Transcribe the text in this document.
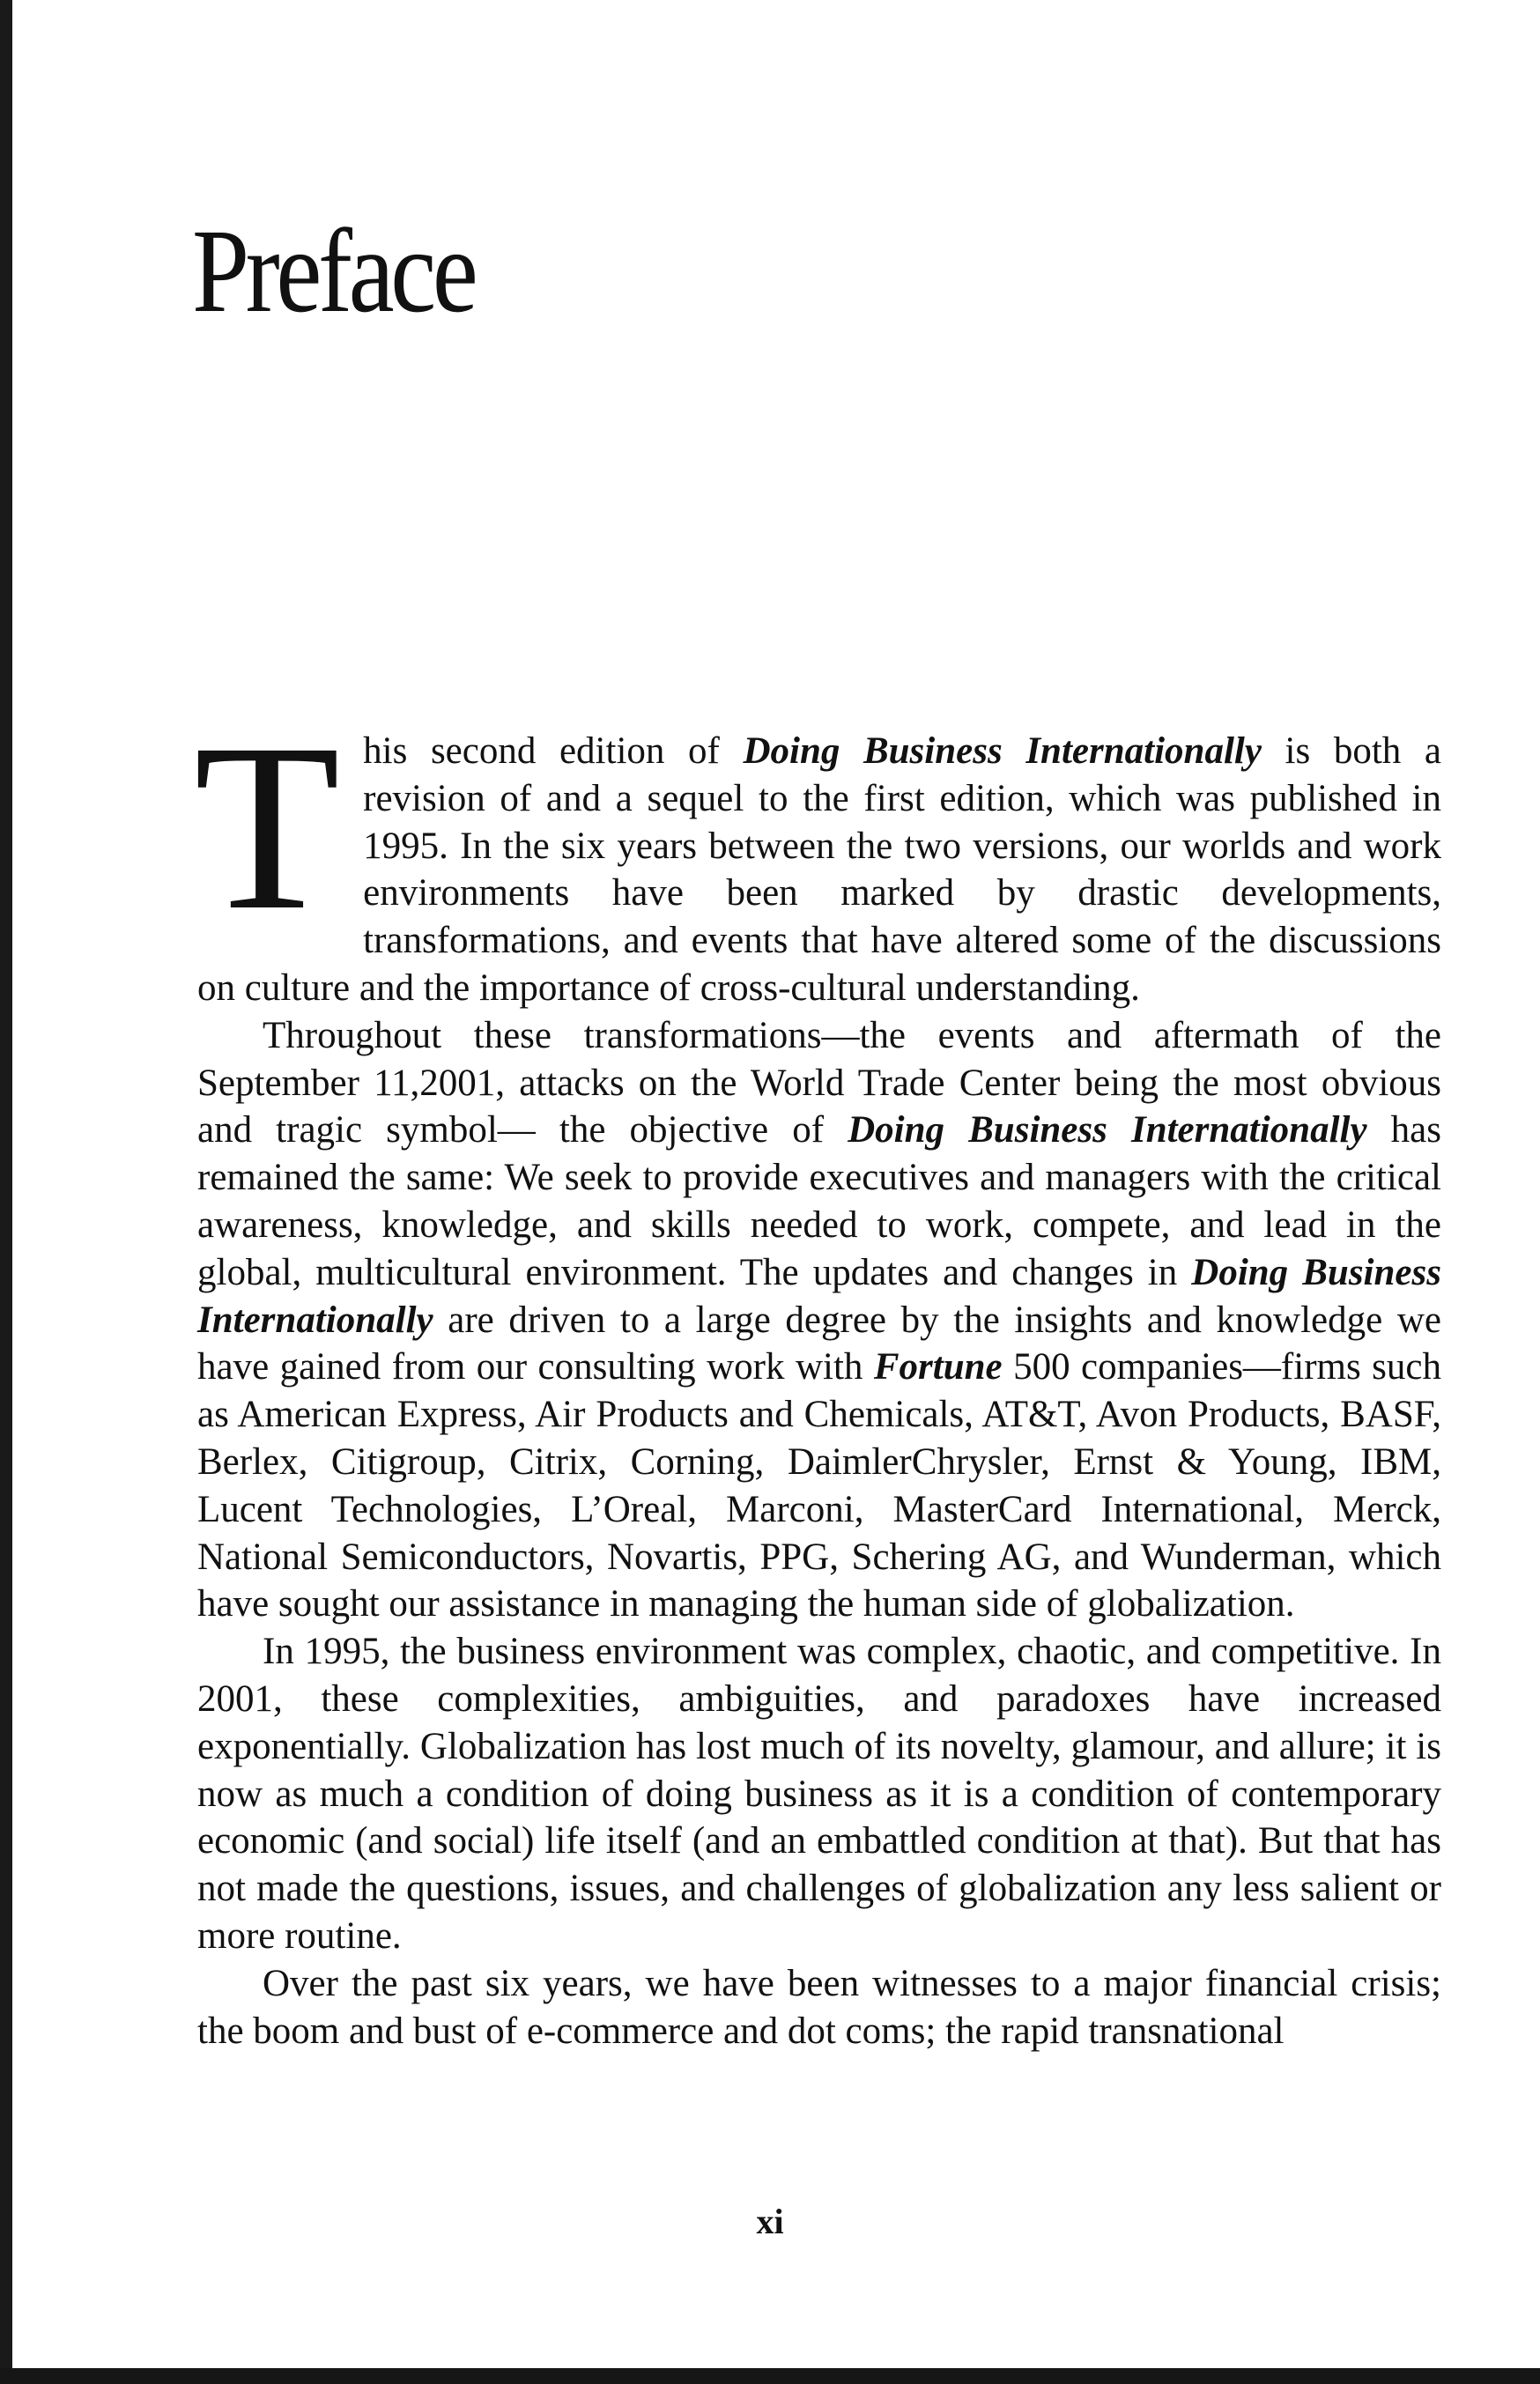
Preface

This second edition of Doing Business Internationally is both a revision of and a sequel to the first edition, which was published in 1995. In the six years between the two versions, our worlds and work environments have been marked by drastic developments, transformations, and events that have altered some of the discussions on culture and the importance of cross-cultural understanding.

Throughout these transformations—the events and aftermath of the September 11,2001, attacks on the World Trade Center being the most obvious and tragic symbol— the objective of Doing Business Internationally has remained the same: We seek to provide executives and managers with the critical awareness, knowledge, and skills needed to work, compete, and lead in the global, multicultural environment. The updates and changes in Doing Business Internationally are driven to a large degree by the insights and knowledge we have gained from our consulting work with Fortune 500 companies—firms such as American Express, Air Products and Chemicals, AT&T, Avon Products, BASF, Berlex, Citigroup, Citrix, Corning, DaimlerChrysler, Ernst & Young, IBM, Lucent Technologies, L’Oreal, Marconi, MasterCard International, Merck, National Semiconductors, Novartis, PPG, Schering AG, and Wunderman, which have sought our assistance in managing the human side of globalization.

In 1995, the business environment was complex, chaotic, and competitive. In 2001, these complexities, ambiguities, and paradoxes have increased exponentially. Globalization has lost much of its novelty, glamour, and allure; it is now as much a condition of doing business as it is a condition of contemporary economic (and social) life itself (and an embattled condition at that). But that has not made the questions, issues, and challenges of globalization any less salient or more routine.

Over the past six years, we have been witnesses to a major financial crisis; the boom and bust of e-commerce and dot coms; the rapid transnational

xi
